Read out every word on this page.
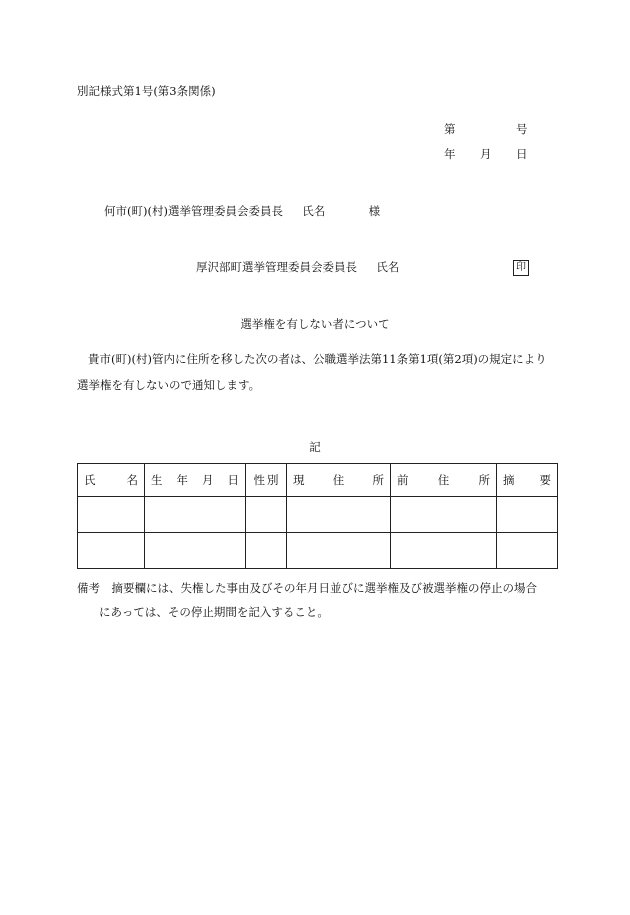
別記様式第1号(第3条関係)
第	号
年 月 日
何市(町)(村)選挙管理委員会委員長 氏名	様
厚沢部町選挙管理委員会委員長 氏名	印
選挙権を有しない者について
貴市(町)(村)管内に住所を移した次の者は、公職選挙法第11条第1項(第2項)の規定により選挙権を有しないので通知します。
記
氏 名	生 年 月 日	性 別	現 住 所	前 住 所	摘 要

備考　摘要欄には、失権した事由及びその年月日並びに選挙権及び被選挙権の停止の場合
にあっては、その停止期間を記入すること。
